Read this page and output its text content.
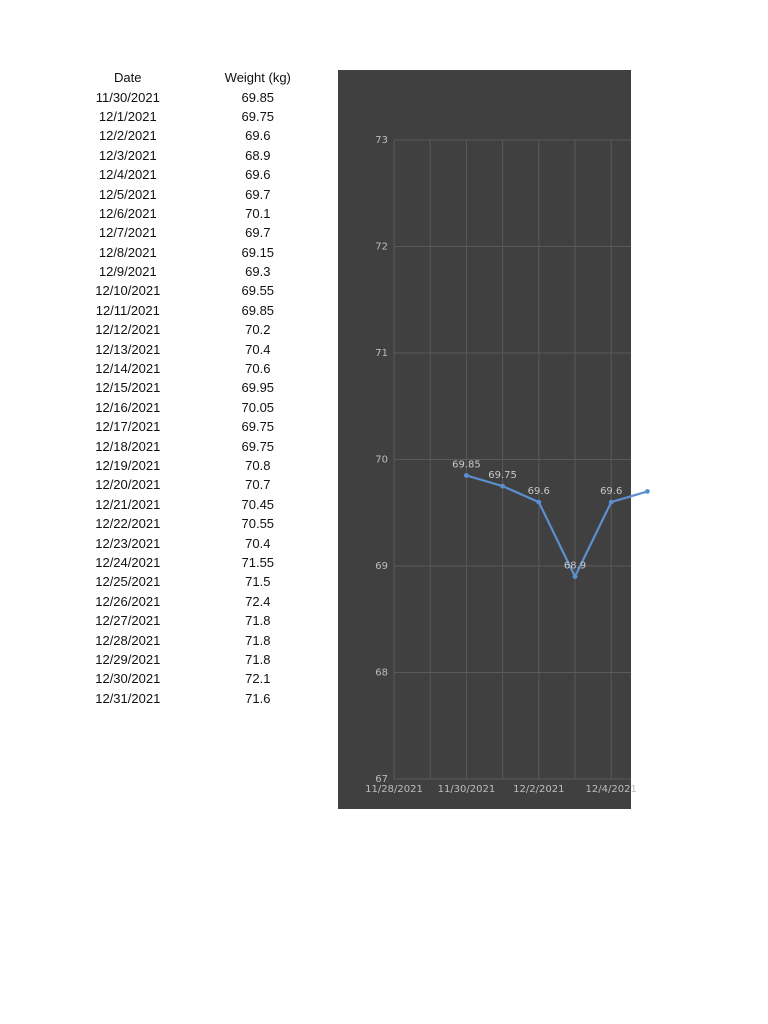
Date	Weight (kg)
11/30/2021	69.85
12/1/2021	69.75
12/2/2021	69.6
12/3/2021	68.9
12/4/2021	69.6
12/5/2021	69.7
12/6/2021	70.1
12/7/2021	69.7
12/8/2021	69.15
12/9/2021	69.3
12/10/2021	69.55
12/11/2021	69.85
12/12/2021	70.2
12/13/2021	70.4
12/14/2021	70.6
12/15/2021	69.95
12/16/2021	70.05
12/17/2021	69.75
12/18/2021	69.75
12/19/2021	70.8
12/20/2021	70.7
12/21/2021	70.45
12/22/2021	70.55
12/23/2021	70.4
12/24/2021	71.55
12/25/2021	71.5
12/26/2021	72.4
12/27/2021	71.8
12/28/2021	71.8
12/29/2021	71.8
12/30/2021	72.1
12/31/2021	71.6
67
68
69
70
71
72
73
11/28/2021 11/30/2021 12/2/2021 12/4/2021
69.85
69.75
69.6
68.9
69.6
